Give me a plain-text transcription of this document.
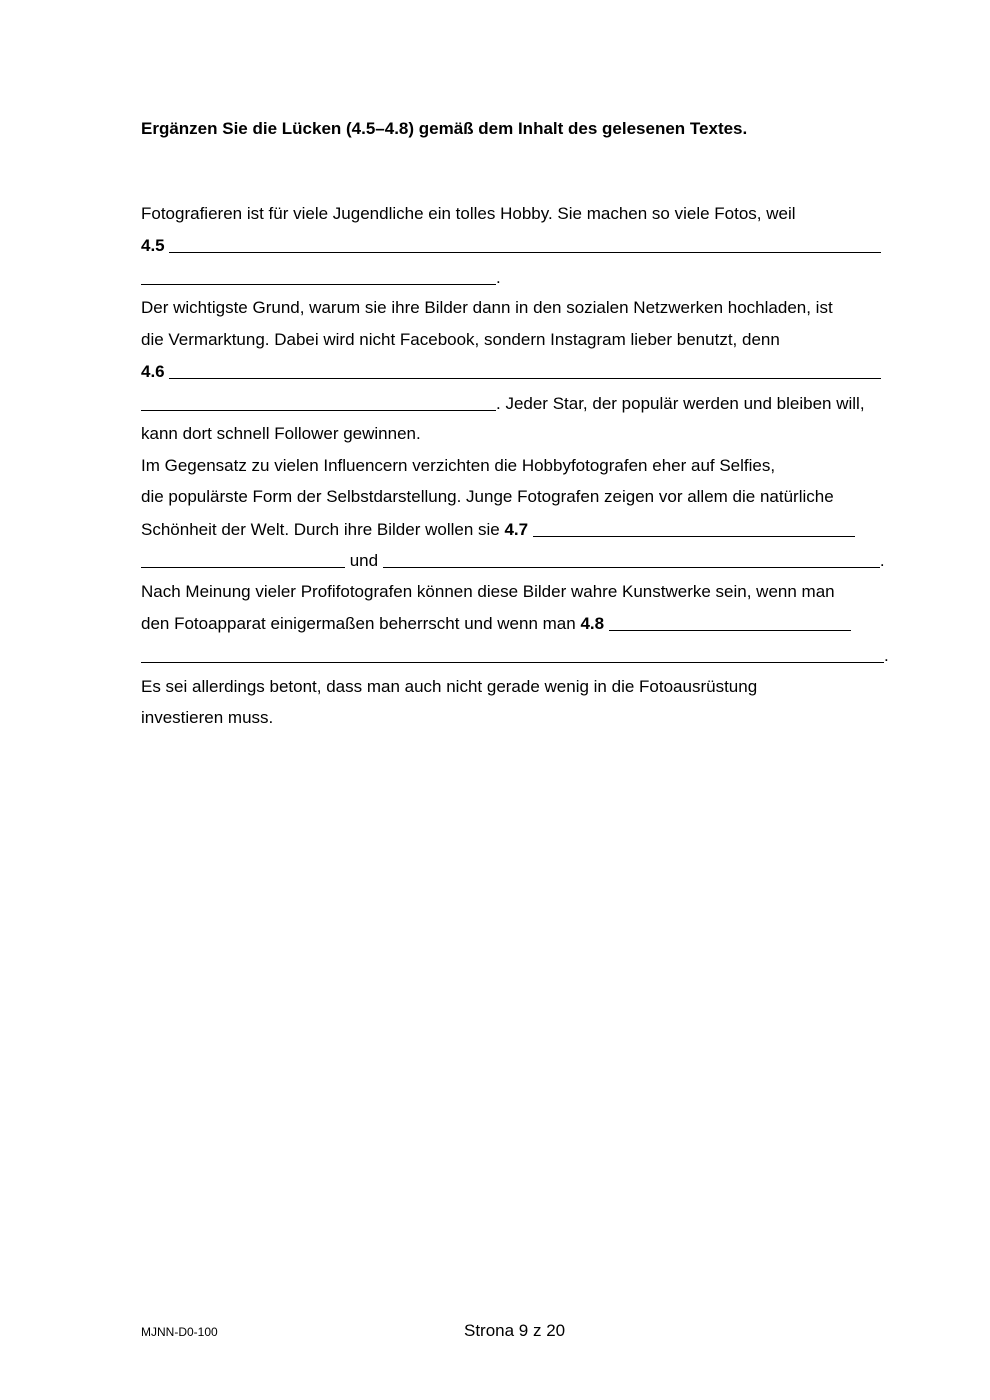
Ergänzen Sie die Lücken (4.5–4.8) gemäß dem Inhalt des gelesenen Textes.
Fotografieren ist für viele Jugendliche ein tolles Hobby. Sie machen so viele Fotos, weil
4.5
.
Der wichtigste Grund, warum sie ihre Bilder dann in den sozialen Netzwerken hochladen, ist
die Vermarktung. Dabei wird nicht Facebook, sondern Instagram lieber benutzt, denn
4.6
. Jeder Star, der populär werden und bleiben will,
kann dort schnell Follower gewinnen.
Im Gegensatz zu vielen Influencern verzichten die Hobbyfotografen eher auf Selfies,
die populärste Form der Selbstdarstellung. Junge Fotografen zeigen vor allem die natürliche
Schönheit der Welt. Durch ihre Bilder wollen sie 4.7
und	.
Nach Meinung vieler Profifotografen können diese Bilder wahre Kunstwerke sein, wenn man
den Fotoapparat einigermaßen beherrscht und wenn man 4.8
.
Es sei allerdings betont, dass man auch nicht gerade wenig in die Fotoausrüstung
investieren muss.
MJNN-D0-100	Strona 9 z 20
